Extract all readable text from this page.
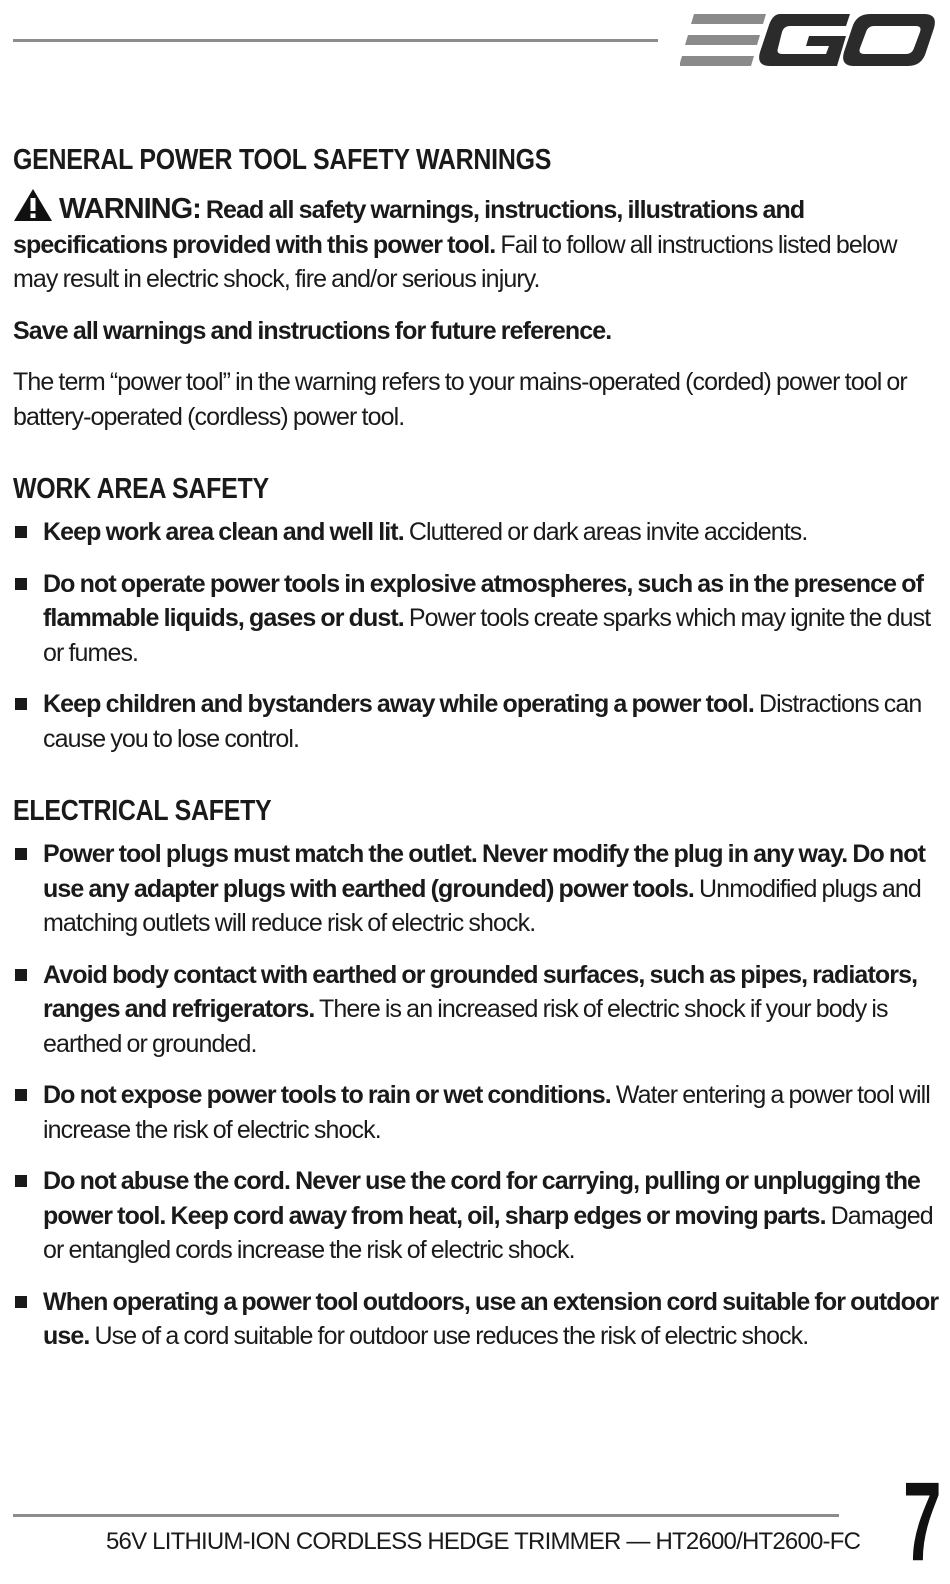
GENERAL POWER TOOL SAFETY WARNINGS

WARNING: Read all safety warnings, instructions, illustrations and specifications provided with this power tool. Fail to follow all instructions listed below may result in electric shock, fire and/or serious injury.

Save all warnings and instructions for future reference.

The term “power tool” in the warning refers to your mains-operated (corded) power tool or battery-operated (cordless) power tool.

WORK AREA SAFETY
Keep work area clean and well lit. Cluttered or dark areas invite accidents.
Do not operate power tools in explosive atmospheres, such as in the presence of flammable liquids, gases or dust. Power tools create sparks which may ignite the dust or fumes.
Keep children and bystanders away while operating a power tool. Distractions can cause you to lose control.
ELECTRICAL SAFETY
Power tool plugs must match the outlet. Never modify the plug in any way. Do not use any adapter plugs with earthed (grounded) power tools. Unmodified plugs and matching outlets will reduce risk of electric shock.
Avoid body contact with earthed or grounded surfaces, such as pipes, radiators, ranges and refrigerators. There is an increased risk of electric shock if your body is earthed or grounded.
Do not expose power tools to rain or wet conditions. Water entering a power tool will increase the risk of electric shock.
Do not abuse the cord. Never use the cord for carrying, pulling or unplugging the power tool. Keep cord away from heat, oil, sharp edges or moving parts. Damaged or entangled cords increase the risk of electric shock.
When operating a power tool outdoors, use an extension cord suitable for outdoor use. Use of a cord suitable for outdoor use reduces the risk of electric shock.
56V LITHIUM-ION CORDLESS HEDGE TRIMMER — HT2600/HT2600-FC 7
